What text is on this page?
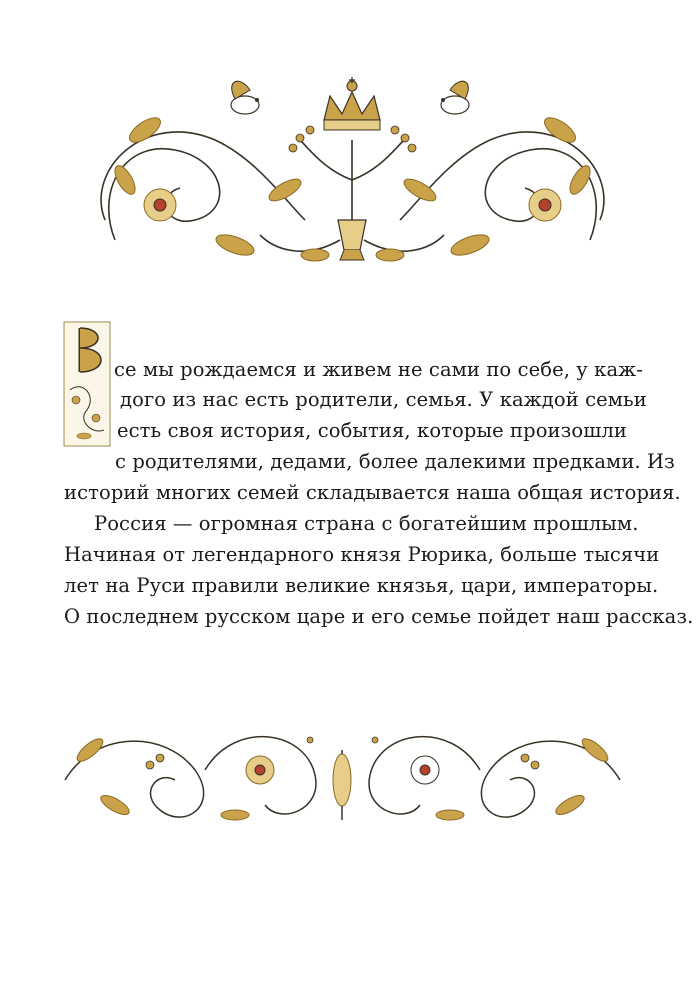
се мы рождаемся и живем не сами по себе, у каж-
дого из нас есть родители, семья. У каждой семьи
есть своя история, события, которые произошли
с родителями, дедами, более далекими предками. Из
историй многих семей складывается наша общая история.
Россия — огромная страна с богатейшим прошлым.
Начиная от легендарного князя Рюрика, больше тысячи
лет на Руси правили великие князья, цари, императоры.
О последнем русском царе и его семье пойдет наш рассказ.
